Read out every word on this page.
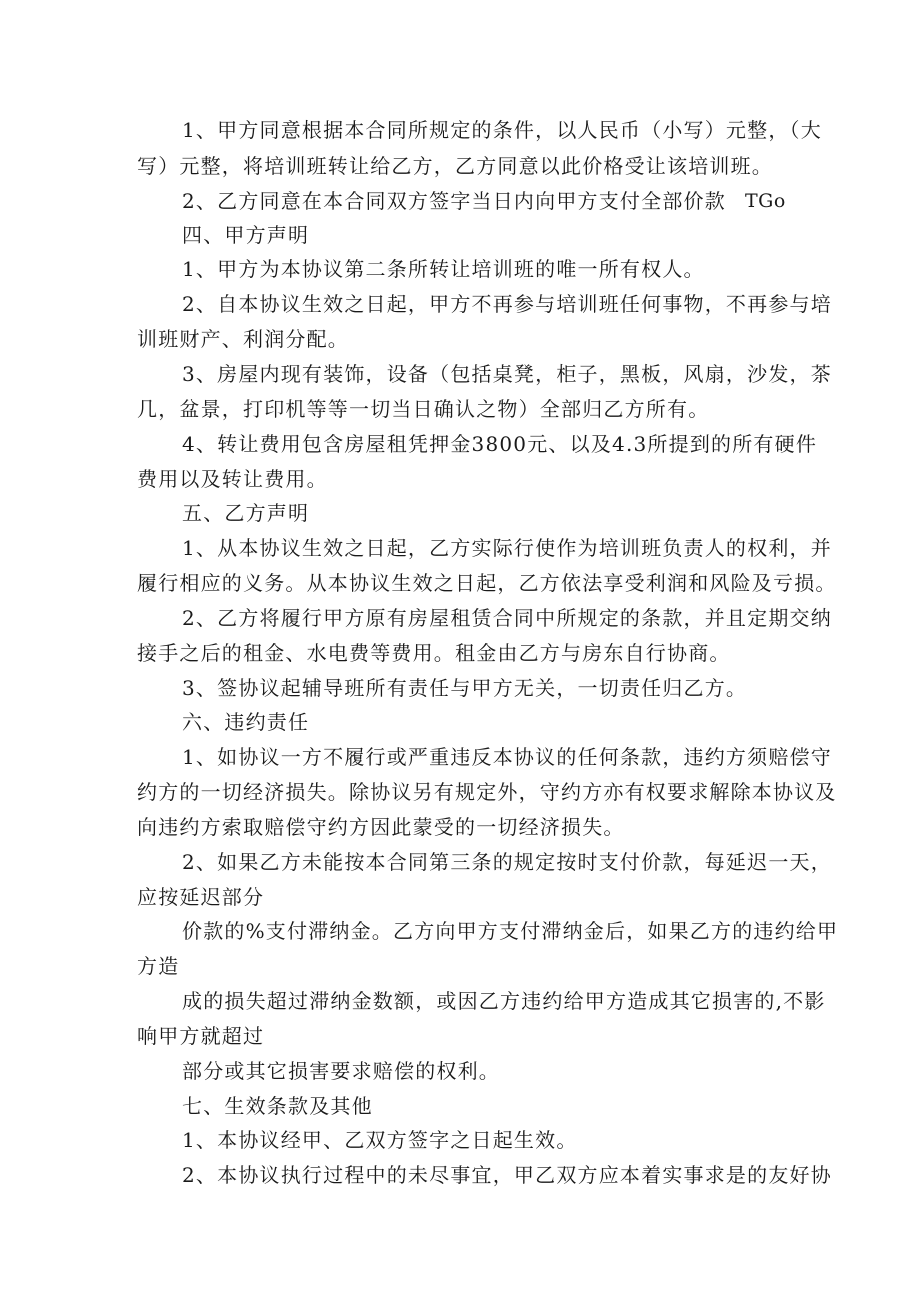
1、甲方同意根据本合同所规定的条件，以人民币（小写）元整，（大
写）元整，将培训班转让给乙方，乙方同意以此价格受让该培训班。
2、乙方同意在本合同双方签字当日内向甲方支付全部价款 TGo
四、甲方声明
1、甲方为本协议第二条所转让培训班的唯一所有权人。
2、自本协议生效之日起，甲方不再参与培训班任何事物，不再参与培
训班财产、利润分配。
3、房屋内现有装饰，设备（包括桌凳，柜子，黑板，风扇，沙发，茶
几，盆景，打印机等等一切当日确认之物）全部归乙方所有。
4、转让费用包含房屋租凭押金3800元、以及4.3所提到的所有硬件
费用以及转让费用。
五、乙方声明
1、从本协议生效之日起，乙方实际行使作为培训班负责人的权利，并
履行相应的义务。从本协议生效之日起，乙方依法享受利润和风险及亏损。
2、乙方将履行甲方原有房屋租赁合同中所规定的条款，并且定期交纳
接手之后的租金、水电费等费用。租金由乙方与房东自行协商。
3、签协议起辅导班所有责任与甲方无关，一切责任归乙方。
六、违约责任
1、如协议一方不履行或严重违反本协议的任何条款，违约方须赔偿守
约方的一切经济损失。除协议另有规定外，守约方亦有权要求解除本协议及
向违约方索取赔偿守约方因此蒙受的一切经济损失。
2、如果乙方未能按本合同第三条的规定按时支付价款，每延迟一天，
应按延迟部分
价款的%支付滞纳金。乙方向甲方支付滞纳金后，如果乙方的违约给甲
方造
成的损失超过滞纳金数额，或因乙方违约给甲方造成其它损害的,不影
响甲方就超过
部分或其它损害要求赔偿的权利。
七、生效条款及其他
1、本协议经甲、乙双方签字之日起生效。
2、本协议执行过程中的未尽事宜，甲乙双方应本着实事求是的友好协
